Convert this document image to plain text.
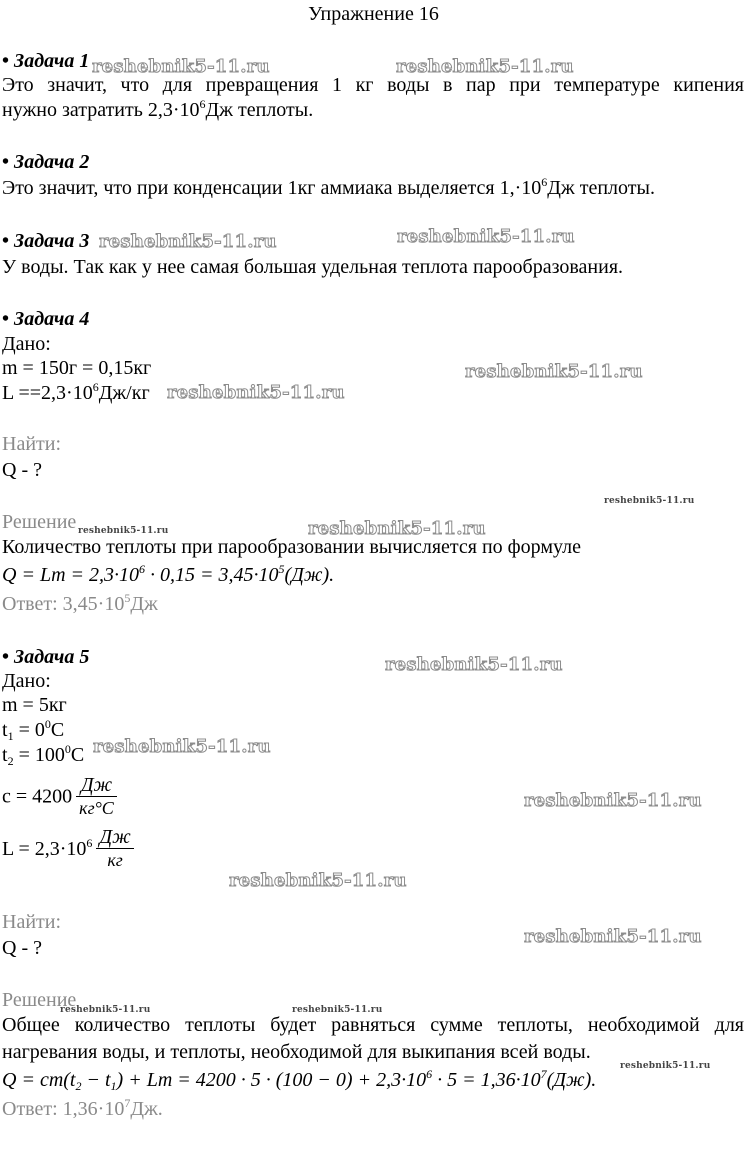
Упражнение 16
• Задача 1
Это значит, что для превращения 1 кг воды в пар при температуре кипения
нужно затратить $2,3\cdot 10^6Дж$ теплоты.
• Задача 2
Это значит, что при конденсации 1кг аммиака выделяется $1,\cdot 10^6Дж$ теплоты.
• Задача 3
У воды. Так как у нее самая большая удельная теплота парообразования.
• Задача 4
Дано:
m = 150г = 0,15кг
$L ==2,3\cdot 10^6Дж/кг$
Найти:
Q - ?
Решение
Количество теплоты при парообразовании вычисляется по формуле
$Q = Lm = 2,3\cdot 10^6 \cdot 0,15 = 3,45\cdot 10^5(Дж)$.
Ответ: $3,45\cdot 10^5Дж$
• Задача 5
Дано:
m = 5кг
$t_1 = 0^0C$
$t_2 = 100^0C$
$c = 4200 \frac{Дж}{кг^\circ C}$
$L = 2,3\cdot 10^6 \frac{Дж}{кг}$
Найти:
Q - ?
Решение
Общее количество теплоты будет равняться сумме теплоты, необходимой для
нагревания воды, и теплоты, необходимой для выкипания всей воды.
$Q = cm(t_2 - t_1) + Lm = 4200 \cdot 5 \cdot (100 - 0) + 2,3\cdot 10^6 \cdot 5 = 1,36\cdot 10^7(Дж)$.
Ответ: $1,36\cdot 10^7Дж$.
reshebnik5-11.ru	reshebnik5-11.ru
reshebnik5-11.ru	reshebnik5-11.ru
reshebnik5-11.ru
reshebnik5-11.ru
reshebnik5-11.ru
reshebnik5-11.ru	reshebnik5-11.ru
reshebnik5-11.ru
reshebnik5-11.ru
reshebnik5-11.ru
reshebnik5-11.ru
reshebnik5-11.ru
reshebnik5-11.ru	reshebnik5-11.ru
reshebnik5-11.ru
